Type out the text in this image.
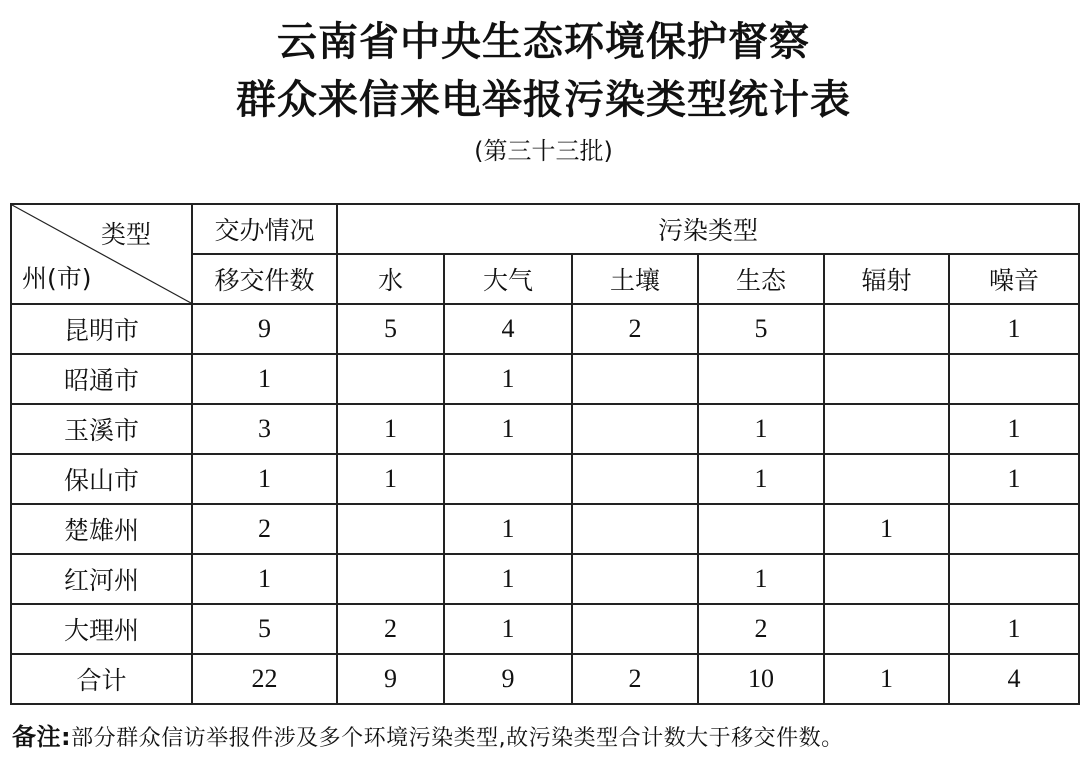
云南省中央生态环境保护督察
群众来信来电举报污染类型统计表
(第三十三批)
类型
州(市)	交办情况	污染类型					
	移交件数	水	大气	土壤	生态	辐射	噪音
昆明市	9	5	4	2	5		1
昭通市	1		1				
玉溪市	3	1	1		1		1
保山市	1	1			1		1
楚雄州	2		1			1	
红河州	1		1		1		
大理州	5	2	1		2		1
合计	22	9	9	2	10	1	4
备注:部分群众信访举报件涉及多个环境污染类型,故污染类型合计数大于移交件数。
